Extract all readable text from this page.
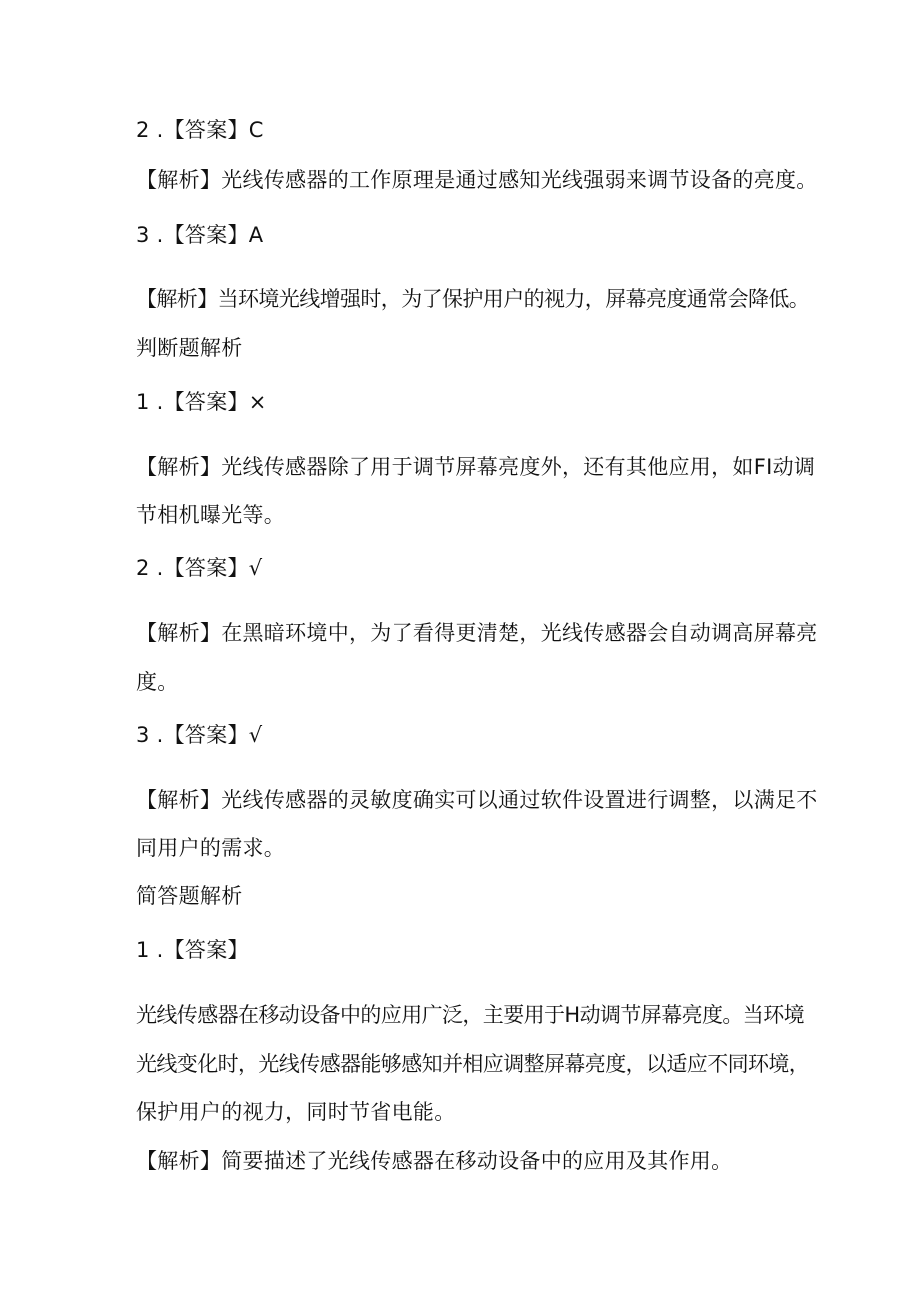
2 .【答案】C

【解析】光线传感器的工作原理是通过感知光线强弱来调节设备的亮度。

3 .【答案】A

【解析】当环境光线增强时，为了保护用户的视力，屏幕亮度通常会降低。

判断题解析

1 .【答案】×

【解析】光线传感器除了用于调节屏幕亮度外，还有其他应用，如FI动调

节相机曝光等。

2 .【答案】√

【解析】在黑暗环境中，为了看得更清楚，光线传感器会自动调高屏幕亮

度。

3 .【答案】√

【解析】光线传感器的灵敏度确实可以通过软件设置进行调整，以满足不

同用户的需求。

简答题解析

1 .【答案】

光线传感器在移动设备中的应用广泛，主要用于H动调节屏幕亮度。当环境

光线变化时，光线传感器能够感知并相应调整屏幕亮度，以适应不同环境，

保护用户的视力，同时节省电能。

【解析】简要描述了光线传感器在移动设备中的应用及其作用。
